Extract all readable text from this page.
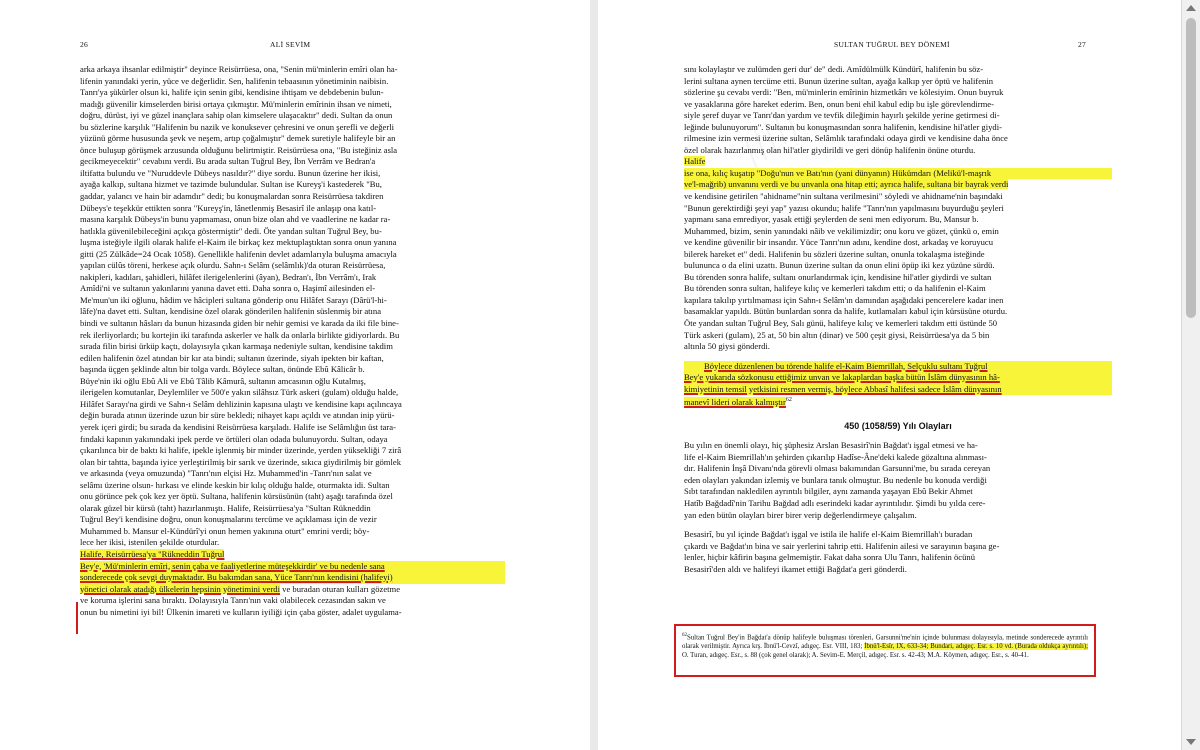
26	ALİ SEVİM
arka arkaya ihsanlar edilmiştir" deyince Reisürrüesa, ona, "Senin mü'minlerin emîri olan ha-
lifenin yanındaki yerin, yüce ve değerlidir. Sen, halifenin tebaasının yönetiminin naibisin.
Tanrı'ya şükürler olsun ki, halife için senin gibi, kendisine ihtişam ve debdebenin bulun-
madığı güvenilir kimselerden birisi ortaya çıkmıştır. Mü'minlerin emîrinin ihsan ve nimeti,
doğru, dürüst, iyi ve güzel inançlara sahip olan kimselere ulaşacaktır" dedi. Sultan da onun
bu sözlerine karşılık "Halifenin bu nazik ve konuksever çehresini ve onun şerefli ve değerli
yüzünü görme hususunda şevk ve neşem, artıp çoğalmıştır" demek suretiyle halifeyle bir an
önce buluşup görüşmek arzusunda olduğunu belirtmiştir. Reisürrüesa ona, "Bu isteğiniz asla
gecikmeyecektir" cevabını verdi. Bu arada sultan Tuğrul Bey, İbn Verrâm ve Bedran'a
iltifatta bulundu ve "Nuruddevle Dübeys nasıldır?" diye sordu. Bunun üzerine her ikisi,
ayağa kalkıp, sultana hizmet ve tazimde bulundular. Sultan ise Kureyş'i kastederek "Bu,
gaddar, yalancı ve hain bir adamdır" dedi; bu konuşmalardan sonra Reisürrüesa takdiren
Dübeys'e teşekkür ettikten sonra "Kureyş'in, lânetlenmiş Besasirî ile anlaşıp ona katıl-
masına karşılık Dübeys'in bunu yapmaması, onun bize olan ahd ve vaadlerine ne kadar ra-
hatlıkla güvenilebileceğini açıkça göstermiştir" dedi. Öte yandan sultan Tuğrul Bey, bu-
luşma isteğiyle ilgili olarak halife el-Kaim ile birkaç kez mektuplaştıktan sonra onun yanına
gitti (25 Zülkâde=24 Ocak 1058). Genellikle halifenin devlet adamlarıyla buluşma amacıyla
yapılan cülûs töreni, herkese açık olurdu. Sahn-ı Selâm (selâmlık)'da oturan Reisürrüesa,
nakipleri, kadıları, şahidleri, hilâfet ilerigelenlerini (âyan), Bedran'ı, İbn Verrâm'ı, Irak
Amîdi'ni ve sultanın yakınlarını yanına davet etti. Daha sonra o, Haşimî ailesinden el-
Me'mun'un iki oğlunu, hâdim ve hâcipleri sultana gönderip onu Hilâfet Sarayı (Dârü'l-hi-
lâfe)'na davet etti. Sultan, kendisine özel olarak gönderilen halifenin süslenmiş bir atına
bindi ve sultanın hâsları da bunun hizasında giden bir nehir gemisi ve karada da iki file bine-
rek ilerliyorlardı; bu kortejin iki tarafında askerler ve halk da onlarla birlikte gidiyorlardı. Bu
sırada filin birisi ürküp kaçtı, dolayısıyla çıkan karmaşa nedeniyle sultan, kendisine takdim
edilen halifenin özel atından bir kır ata bindi; sultanın üzerinde, siyah ipekten bir kaftan,
başında üçgen şeklinde altın bir tolga vardı. Böylece sultan, önünde Ebû Kâlicâr b.
Büye'nin iki oğlu Ebû Ali ve Ebû Tâlib Kâmurâ, sultanın amcasının oğlu Kutalmış,
ilerigelen komutanlar, Deylemliler ve 500'e yakın silâhsız Türk askeri (gulam) olduğu halde,
Hilâfet Sarayı'na girdi ve Sahn-ı Selâm dehlizinin kapısına ulaştı ve kendisine kapı açılıncaya
değin burada atının üzerinde uzun bir süre bekledi; nihayet kapı açıldı ve atından inip yürü-
yerek içeri girdi; bu sırada da kendisini Reisürrüesa karşıladı. Halife ise Selâmlığın üst tara-
fındaki kapının yakınındaki ipek perde ve örtüleri olan odada bulunuyordu. Sultan, odaya
çıkarılınca bir de baktı ki halife, ipekle işlenmiş bir minder üzerinde, yerden yüksekliği 7 zirâ
olan bir tahtta, başında iyice yerleştirilmiş bir sarık ve üzerinde, sıkıca giydirilmiş bir gömlek
ve arkasında (veya omuzunda) "Tanrı'nın elçisi Hz. Muhammed'in -Tanrı'nın salat ve
selâmı üzerine olsun- hırkası ve elinde keskin bir kılıç olduğu halde, oturmakta idi. Sultan
onu görünce pek çok kez yer öptü. Sultana, halifenin kürsüsünün (taht) aşağı tarafında özel
olarak güzel bir kürsü (taht) hazırlanmıştı. Halife, Reisürrüesa'ya "Sultan Rükneddin
Tuğrul Bey'i kendisine doğru, onun konuşmalarını tercüme ve açıklaması için de vezir
Muhammed b. Mansur el-Kündürî'yi onun hemen yakınına oturt" emrini verdi; böy-
lece her ikisi, istenilen şekilde oturdular.
Halife, Reisürrüesa'ya "Rükneddin Tuğrul
Bey'e, 'Mü'minlerin emîri, senin çaba ve faaliyetlerine müteşekkirdir' ve bu nedenle sana
sonderecede çok sevgi duymaktadır. Bu bakımdan sana, Yüce Tanrı'nın kendisini (halifeyi)
yönetici olarak atadığı ülkelerin hepsinin yönetimini verdi ve buradan oturan kulları gözetme
ve koruma işlerini sana bıraktı. Dolayısıyla Tanrı'nın vaki olabilecek cezasından sakın ve
onun bu nimetini iyi bil! Ülkenin imareti ve kulların iyiliği için çaba göster, adalet uygulama-
SULTAN TUĞRUL BEY DÖNEMİ	27
sını kolaylaştır ve zulümden geri dur' de" dedi. Amîdülmülk Kündürî, halifenin bu söz-
lerini sultana aynen tercüme etti. Bunun üzerine sultan, ayağa kalkıp yer öptü ve halifenin
sözlerine şu cevabı verdi: "Ben, mü'minlerin emîrinin hizmetkârı ve kölesiyim. Onun buyruk
ve yasaklarına göre hareket ederim. Ben, onun beni ehil kabul edip bu işle görevlendirme-
siyle şeref duyar ve Tanrı'dan yardım ve tevfik dileğimin hayırlı şekilde yerine getirmesi di-
leğinde bulunuyorum". Sultanın bu konuşmasından sonra halifenin, kendisine hil'atler giydi-
rilmesine izin vermesi üzerine sultan, Selâmlık tarafındaki odaya girdi ve kendisine daha önce
özel olarak hazırlanmış olan hil'atler giydirildi ve geri dönüp halifenin önüne oturdu.
Halife
ise ona, kılıç kuşatıp "Doğu'nun ve Batı'nın (yani dünyanın) Hükümdarı (Melikü'l-maşrık
ve'l-mağrib) unvanını verdi ve bu unvanla ona hitap etti; ayrıca halife, sultana bir bayrak verdi
ve kendisine getirilen "ahidname"nin sultana verilmesini" söyledi ve ahidname'nin başındaki
"Bunun gerektirdiği şeyi yap" yazısı okundu; halife "Tanrı'nın yapılmasını buyurduğu şeyleri
yapmanı sana emrediyor, yasak ettiği şeylerden de seni men ediyorum. Bu, Mansur b.
Muhammed, bizim, senin yanındaki nâib ve vekilimizdir; onu koru ve gözet, çünkü o, emin
ve kendine güvenilir bir insandır. Yüce Tanrı'nın adını, kendine dost, arkadaş ve koruyucu
bilerek hareket et" dedi. Halifenin bu sözleri üzerine sultan, onunla tokalaşma isteğinde
bulununca o da elini uzattı. Bunun üzerine sultan da onun elini öpüp iki kez yüzüne sürdü.
Bu törenden sonra halife, sultanı onurlandırmak için, kendisine hil'atler giydirdi ve sultan
Bu törenden sonra sultan, halifeye kılıç ve kemerleri takdım etti; o da halifenin el-Kaim
kapılara takılıp yırtılmaması için Sahn-ı Selâm'ın damından aşağıdaki pencerelere kadar inen
basamaklar yapıldı. Bütün bunlardan sonra da halife, kutlamaları kabul için kürsüsüne oturdu.
Öte yandan sultan Tuğrul Bey, Salı günü, halifeye kılıç ve kemerleri takdım etti üstünde 50
Türk askeri (gulam), 25 at, 50 bin altın (dinar) ve 500 çeşit giysi, Reisürrüesa'ya da 5 bin
altınla 50 giysi gönderdi.
Böylece düzenlenen bu törende halife el-Kaim Biemrillah, Selçuklu sultanı Tuğrul
Bey'e yukarıda sözkonusu ettiğimiz unvan ve lakaplardan başka bütün İslâm dünyasının hâ-
kimiyetinin temsil yetkisini resmen vermiş, böylece Abbasî halifesi sadece İslâm dünyasının
manevî lideri olarak kalmıştır$^{62}$
450 (1058/59) Yılı Olayları
Bu yılın en önemli olayı, hiç şüphesiz Arslan Besasirî'nin Bağdat'ı işgal etmesi ve ha-
life el-Kaim Biemrillah'ın şehirden çıkarılıp Hadîse-Âne'deki kalede gözaltına alınması-
dır. Halifenin İnşâ Divanı'nda görevli olması bakımından Garsunni'me, bu sırada cereyan
eden olayları yakından izlemiş ve bunlara tanık olmuştur. Bu nedenle bu konuda verdiği
Sıbt tarafından nakledilen ayrıntılı bilgiler, aynı zamanda yaşayan Ebû Bekir Ahmet
Hatîb Bağdadî'nin Tarihu Bağdad adlı eserindeki kadar ayrıntılıdır. Şimdi bu yılda cere-
yan eden bütün olayları birer birer verip değerlendirmeye çalışalım.
Besasirî, bu yıl içinde Bağdat'ı işgal ve istila ile halife el-Kaim Biemrillah'ı buradan
çıkardı ve Bağdat'ın bina ve sair yerlerini tahrip etti. Halifenin ailesi ve sarayının başına ge-
lenler, hiçbir kâfirin başına gelmemiştir. Fakat daha sonra Ulu Tanrı, halifenin öcünü
Besasirî'den aldı ve halifeyi ikamet ettiği Bağdat'a geri gönderdi.
$^{62}$Sultan Tuğrul Bey'in Bağdat'a dönüp halifeyle buluşması törenleri, Garsunni'me'nin içinde bulunması dolayısıyla, metinde sonderecede ayrıntılı olarak verilmiştir. Ayrıca krş. İbnü'l-Cevzî, adıgeç. Esr. VIII, 183; İbnü'l-Esîr, IX, 633-34; Bundari, adıgeç. Esr. s. 10 vd. (Burada oldukça ayrıntılı); O. Turan, adıgeç. Esr., s. 88 (çok genel olarak); A. Sevim-E. Merçil, adıgeç. Esr. s. 42-43; M.A. Köymen, adıgeç. Esr., s. 40-41.
